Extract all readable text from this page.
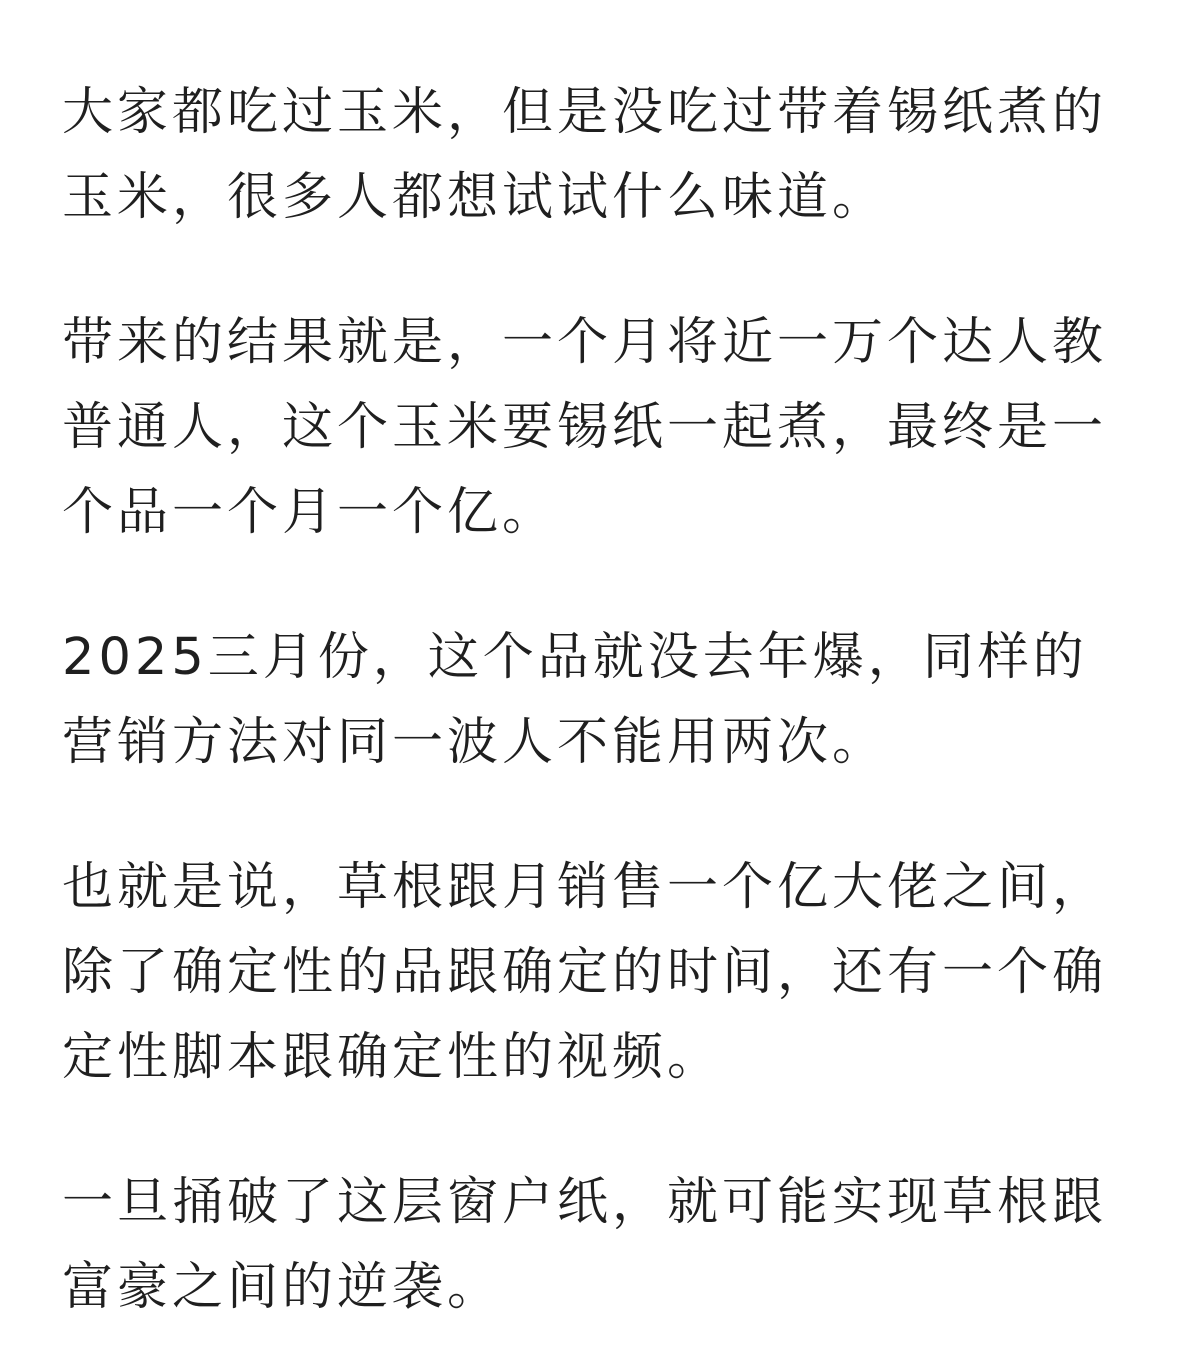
大家都吃过玉米，但是没吃过带着锡纸煮的
玉米，很多人都想试试什么味道。

带来的结果就是，一个月将近一万个达人教
普通人，这个玉米要锡纸一起煮，最终是一
个品一个月一个亿。

2025三月份，这个品就没去年爆，同样的
营销方法对同一波人不能用两次。

也就是说，草根跟月销售一个亿大佬之间，
除了确定性的品跟确定的时间，还有一个确
定性脚本跟确定性的视频。

一旦捅破了这层窗户纸，就可能实现草根跟
富豪之间的逆袭。
